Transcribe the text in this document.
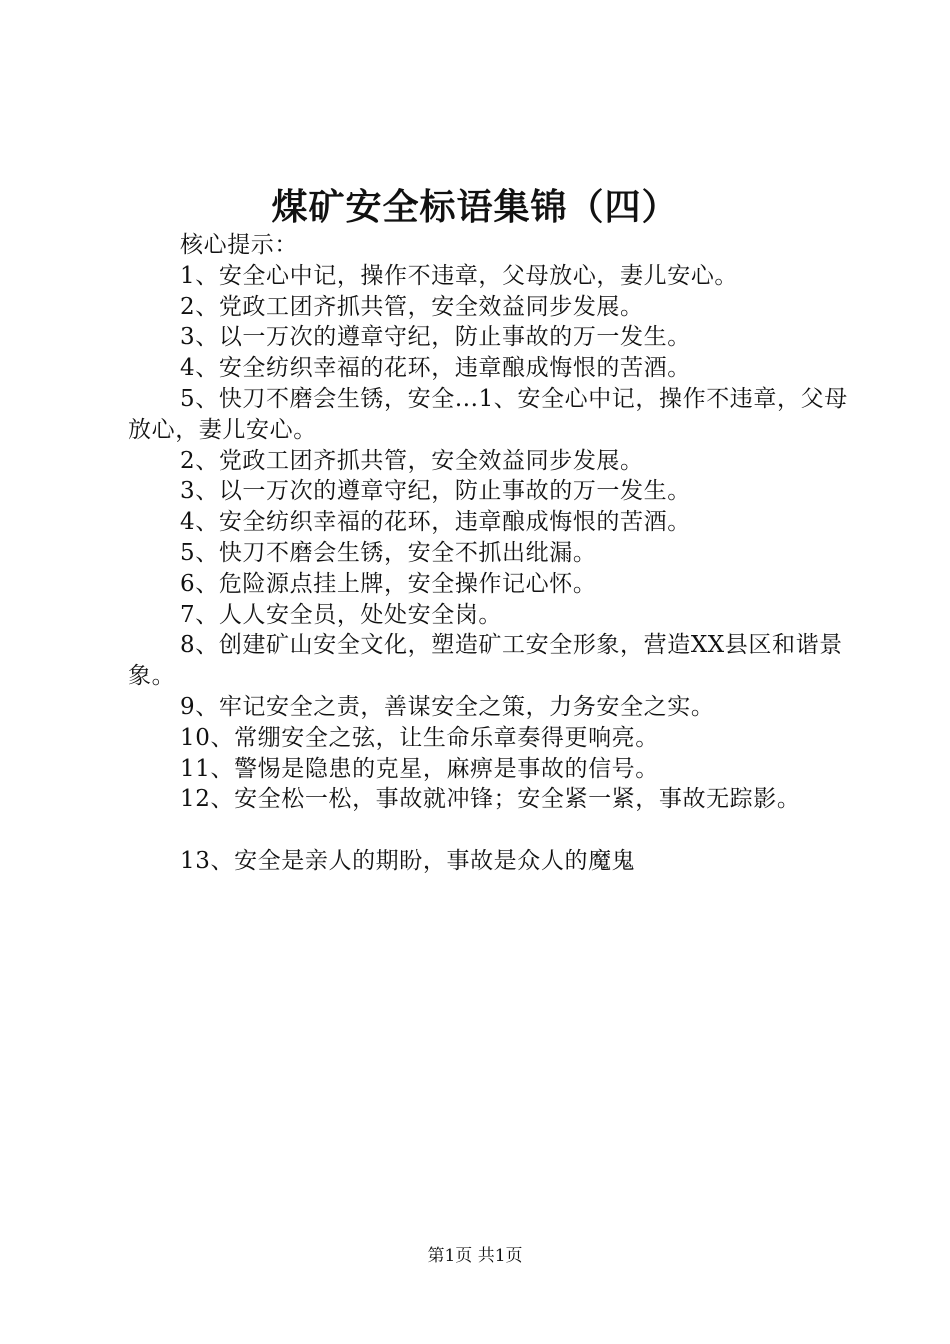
煤矿安全标语集锦（四）

核心提示：

1、安全心中记，操作不违章，父母放心，妻儿安心。

2、党政工团齐抓共管，安全效益同步发展。

3、以一万次的遵章守纪，防止事故的万一发生。

4、安全纺织幸福的花环，违章酿成悔恨的苦酒。

5、快刀不磨会生锈，安全...1、安全心中记，操作不违章，父母放心，妻儿安心。

2、党政工团齐抓共管，安全效益同步发展。

3、以一万次的遵章守纪，防止事故的万一发生。

4、安全纺织幸福的花环，违章酿成悔恨的苦酒。

5、快刀不磨会生锈，安全不抓出纰漏。

6、危险源点挂上牌，安全操作记心怀。

7、人人安全员，处处安全岗。

8、创建矿山安全文化，塑造矿工安全形象，营造XX县区和谐景象。

9、牢记安全之责，善谋安全之策，力务安全之实。

10、常绷安全之弦，让生命乐章奏得更响亮。

11、警惕是隐患的克星，麻痹是事故的信号。

12、安全松一松，事故就冲锋；安全紧一紧，事故无踪影。

13、安全是亲人的期盼，事故是众人的魔鬼

第1页 共1页
